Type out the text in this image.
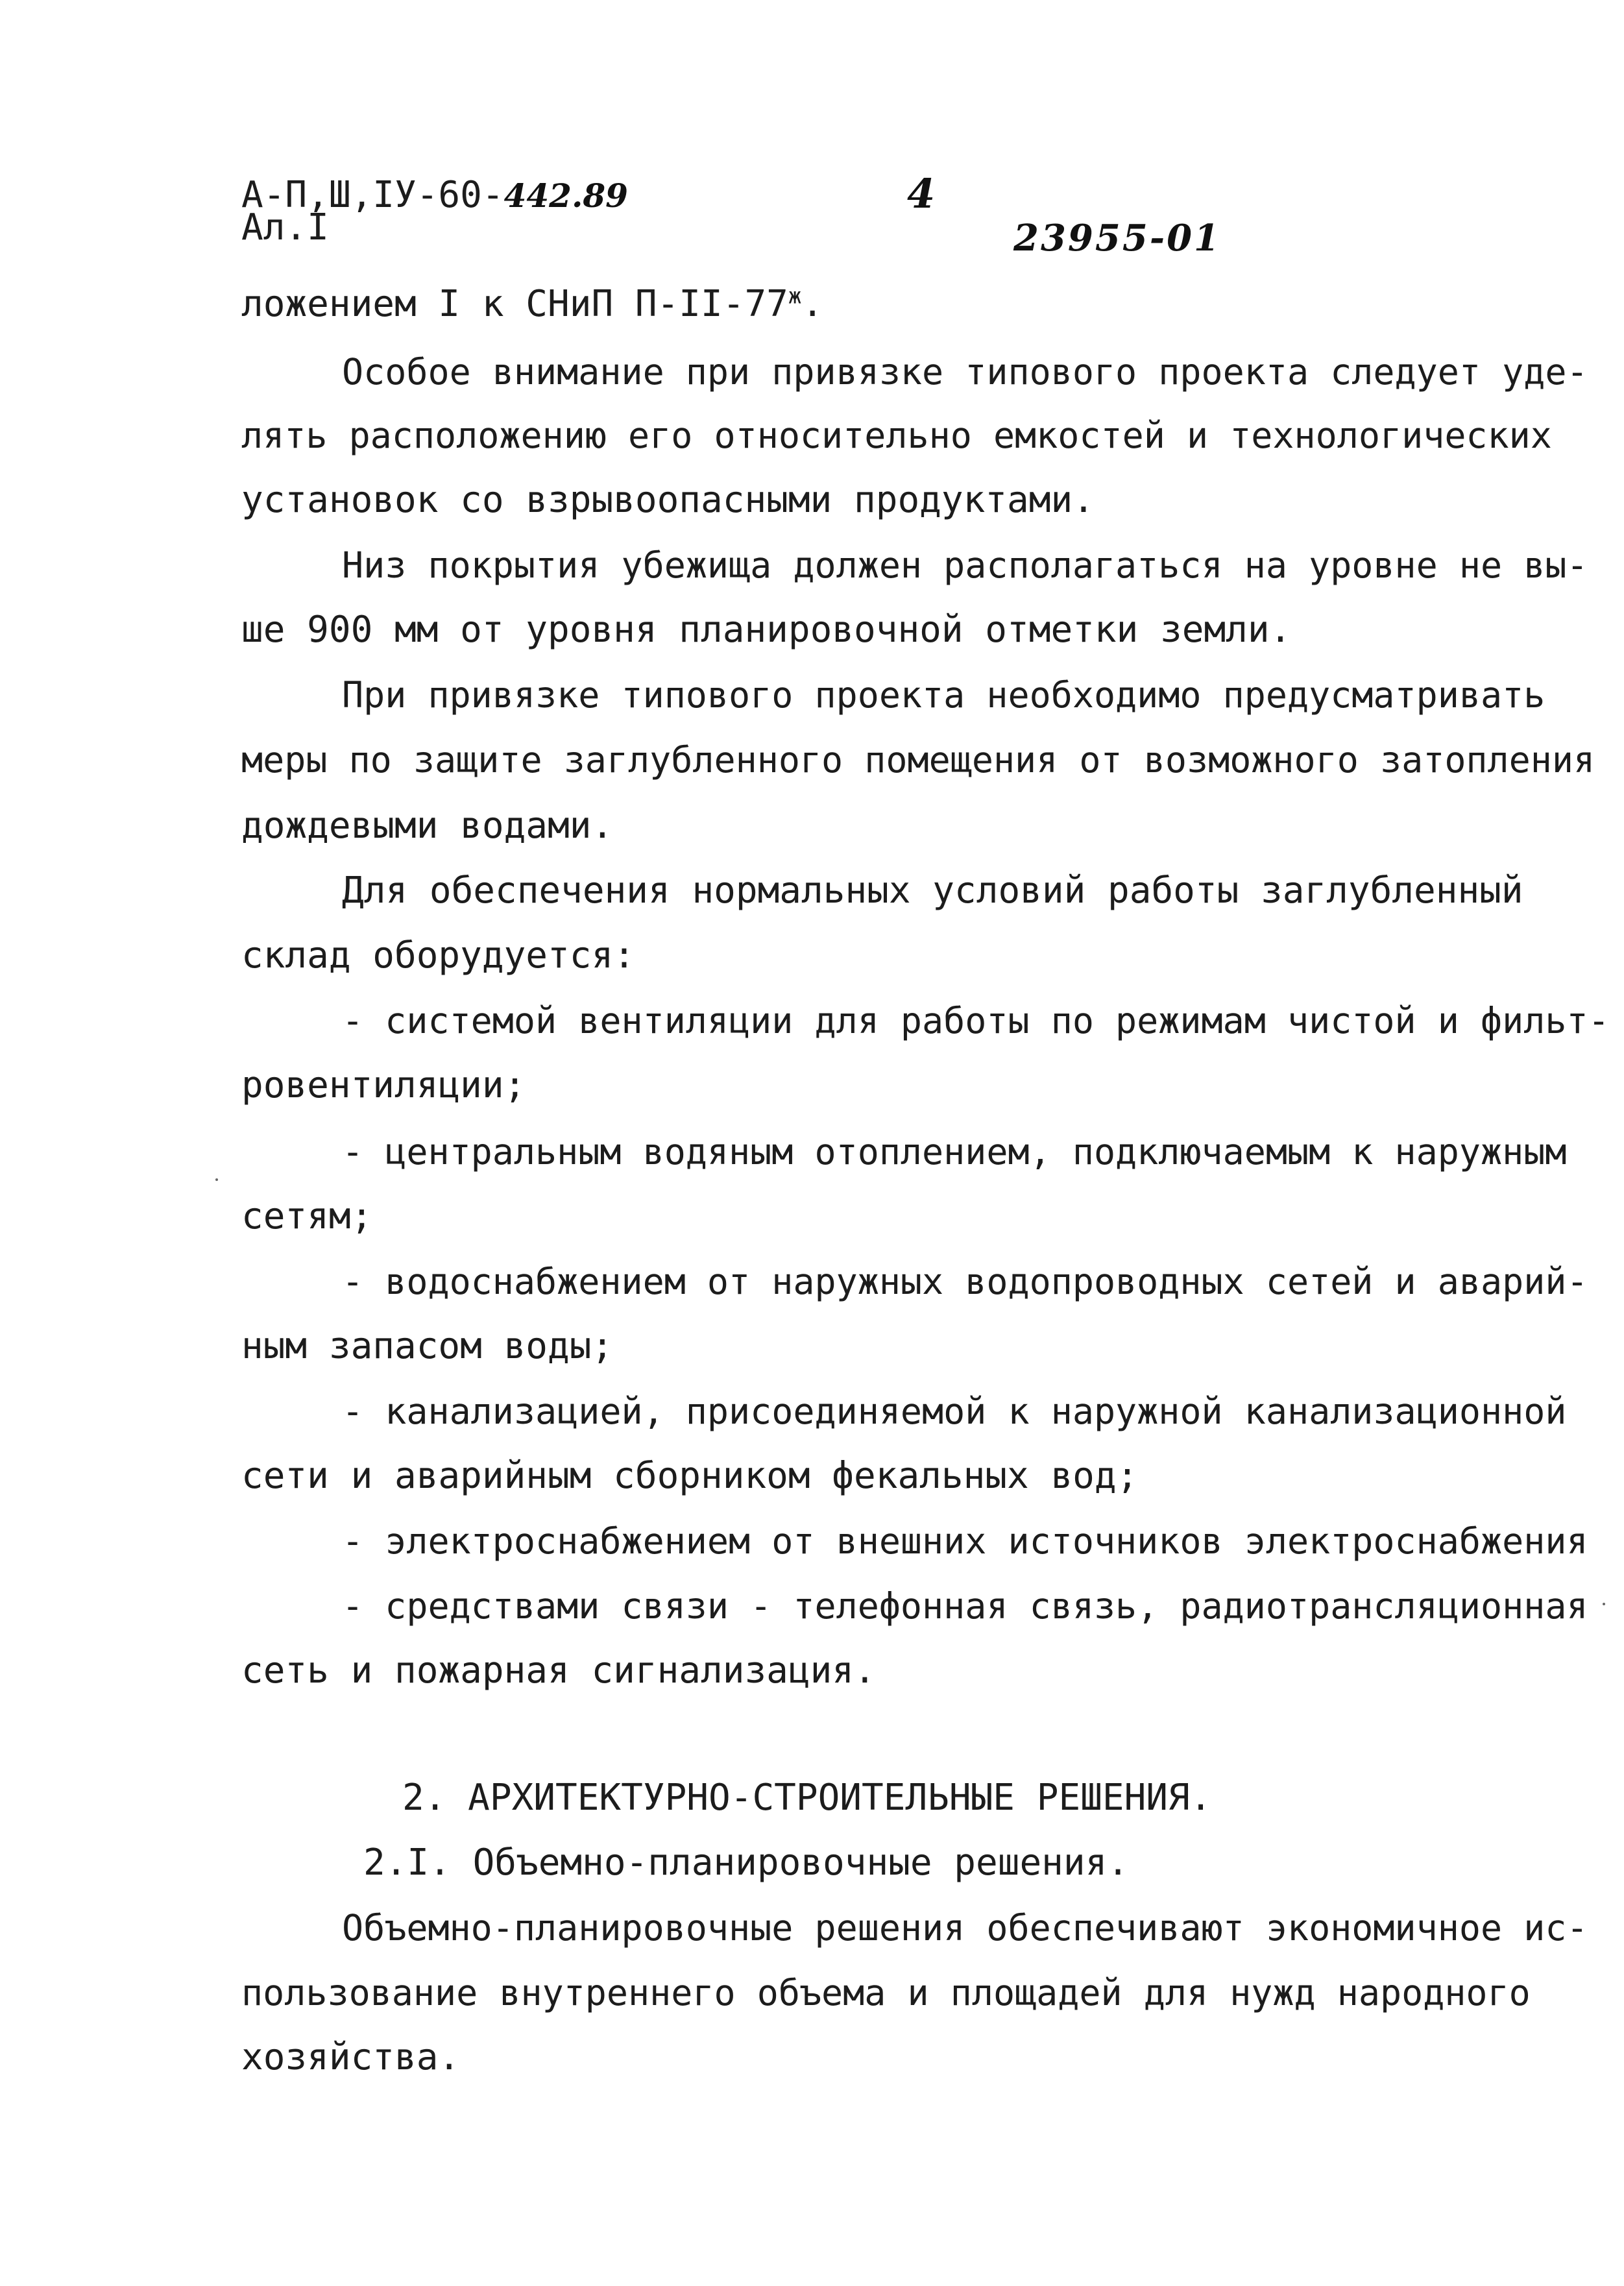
А-П,Ш,IУ-60-442.89
Ал.I
4
23955-01
ложением I к СНиП $П-II-77^ж$.
Особое внимание при привязке типового проекта следует уде-
лять расположению его относительно емкостей и технологических
установок со взрывоопасными продуктами.
Низ покрытия убежища должен располагаться на уровне не вы-
ше 900 мм от уровня планировочной отметки земли.
При привязке типового проекта необходимо предусматривать
меры по защите заглубленного помещения от возможного затопления
дождевыми водами.
Для обеспечения нормальных условий работы заглубленный
склад оборудуется:
- системой вентиляции для работы по режимам чистой и фильт-
ровентиляции;
- центральным водяным отоплением, подключаемым к наружным
сетям;
- водоснабжением от наружных водопроводных сетей и аварий-
ным запасом воды;
- канализацией, присоединяемой к наружной канализационной
сети и аварийным сборником фекальных вод;
- электроснабжением от внешних источников электроснабжения
- средствами связи - телефонная связь, радиотрансляционная
сеть и пожарная сигнализация.
2. АРХИТЕКТУРНО-СТРОИТЕЛЬНЫЕ РЕШЕНИЯ.
2.I. Объемно-планировочные решения.
Объемно-планировочные решения обеспечивают экономичное ис-
пользование внутреннего объема и площадей для нужд народного
хозяйства.
